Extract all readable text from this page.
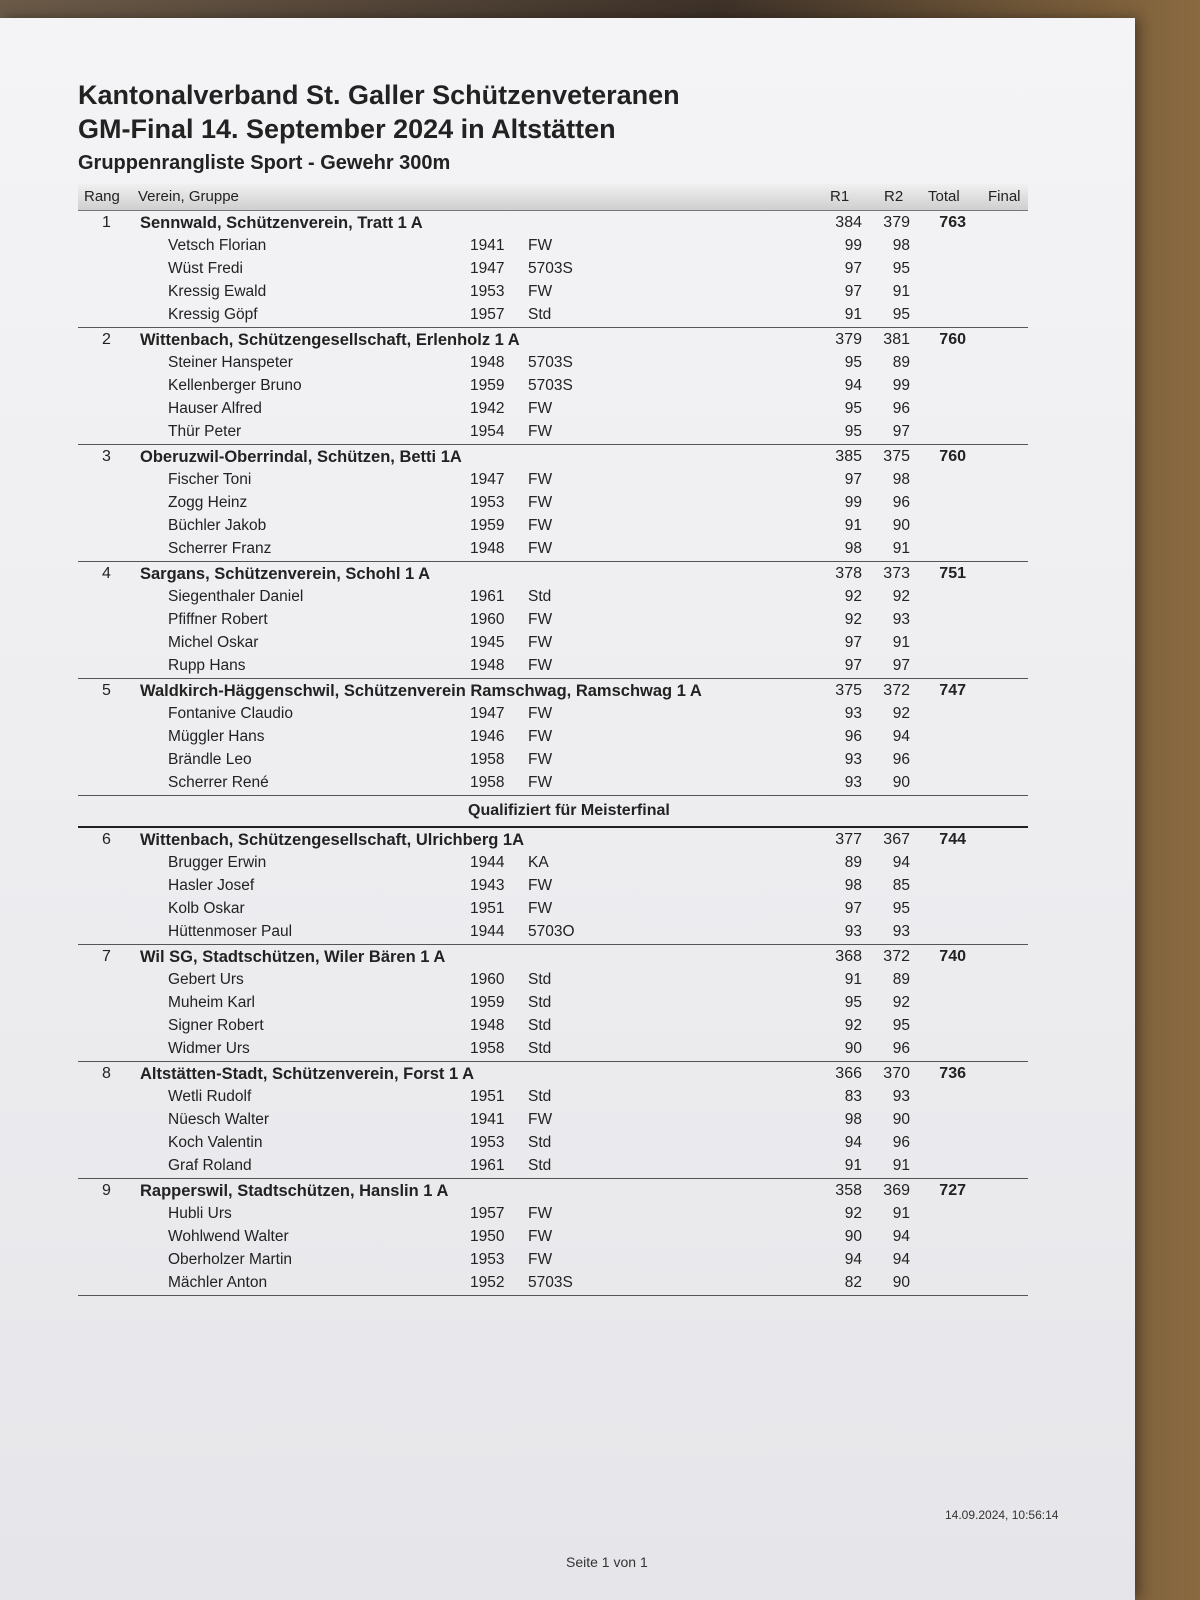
Kantonalverband St. Galler Schützenveteranen
GM-Final 14. September 2024 in Altstätten
Gruppenrangliste Sport - Gewehr 300m
Rang Verein, Gruppe	R1 R2 Total Final
1	Sennwald, Schützenverein, Tratt 1 A	384	379	763
Vetsch Florian	1941 FW	99	98
Wüst Fredi	1947 5703S	97	95
Kressig Ewald	1953 FW	97	91
Kressig Göpf	1957 Std	91	95
2	Wittenbach, Schützengesellschaft, Erlenholz 1 A	379	381	760
Steiner Hanspeter	1948 5703S	95	89
Kellenberger Bruno	1959 5703S	94	99
Hauser Alfred	1942 FW	95	96
Thür Peter	1954 FW	95	97
3	Oberuzwil-Oberrindal, Schützen, Betti 1A	385	375	760
Fischer Toni	1947 FW	97	98
Zogg Heinz	1953 FW	99	96
Büchler Jakob	1959 FW	91	90
Scherrer Franz	1948 FW	98	91
4	Sargans, Schützenverein, Schohl 1 A	378	373	751
Siegenthaler Daniel	1961 Std	92	92
Pfiffner Robert	1960 FW	92	93
Michel Oskar	1945 FW	97	91
Rupp Hans	1948 FW	97	97
5	Waldkirch-Häggenschwil, Schützenverein Ramschwag, Ramschwag 1 A	375	372	747
Fontanive Claudio	1947 FW	93	92
Müggler Hans	1946 FW	96	94
Brändle Leo	1958 FW	93	96
Scherrer René	1958 FW	93	90
Qualifiziert für Meisterfinal
6	Wittenbach, Schützengesellschaft, Ulrichberg 1A	377	367	744
Brugger Erwin	1944 KA	89	94
Hasler Josef	1943 FW	98	85
Kolb Oskar	1951 FW	97	95
Hüttenmoser Paul	1944 5703O	93	93
7	Wil SG, Stadtschützen, Wiler Bären 1 A	368	372	740
Gebert Urs	1960 Std	91	89
Muheim Karl	1959 Std	95	92
Signer Robert	1948 Std	92	95
Widmer Urs	1958 Std	90	96
8	Altstätten-Stadt, Schützenverein, Forst 1 A	366	370	736
Wetli Rudolf	1951 Std	83	93
Nüesch Walter	1941 FW	98	90
Koch Valentin	1953 Std	94	96
Graf Roland	1961 Std	91	91
9	Rapperswil, Stadtschützen, Hanslin 1 A	358	369	727
Hubli Urs	1957 FW	92	91
Wohlwend Walter	1950 FW	90	94
Oberholzer Martin	1953 FW	94	94
Mächler Anton	1952 5703S	82	90
14.09.2024, 10:56:14
Seite 1 von 1
